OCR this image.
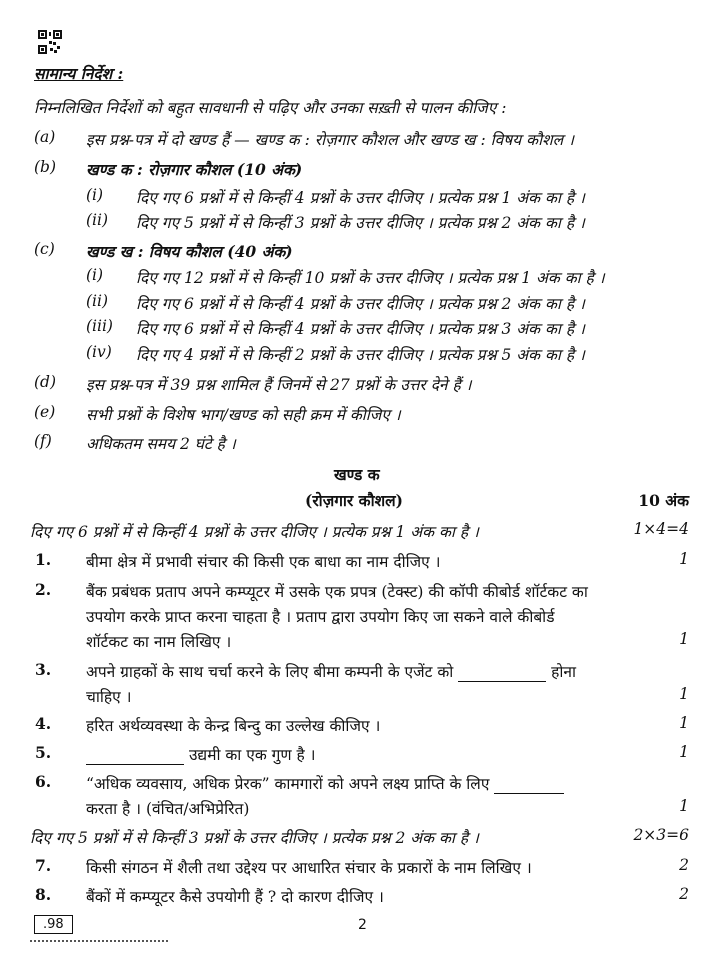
सामान्य निर्देश :
निम्नलिखित निर्देशों को बहुत सावधानी से पढ़िए और उनका सख़्ती से पालन कीजिए :
(a) इस प्रश्न-पत्र में दो खण्ड हैं — खण्ड क : रोज़गार कौशल और खण्ड ख : विषय कौशल ।
(b) खण्ड क : रोज़गार कौशल (10 अंक)
(i) दिए गए 6 प्रश्नों में से किन्हीं 4 प्रश्नों के उत्तर दीजिए । प्रत्येक प्रश्न 1 अंक का है ।
(ii) दिए गए 5 प्रश्नों में से किन्हीं 3 प्रश्नों के उत्तर दीजिए । प्रत्येक प्रश्न 2 अंक का है ।
(c) खण्ड ख : विषय कौशल (40 अंक)
(i) दिए गए 12 प्रश्नों में से किन्हीं 10 प्रश्नों के उत्तर दीजिए । प्रत्येक प्रश्न 1 अंक का है ।
(ii) दिए गए 6 प्रश्नों में से किन्हीं 4 प्रश्नों के उत्तर दीजिए । प्रत्येक प्रश्न 2 अंक का है ।
(iii) दिए गए 6 प्रश्नों में से किन्हीं 4 प्रश्नों के उत्तर दीजिए । प्रत्येक प्रश्न 3 अंक का है ।
(iv) दिए गए 4 प्रश्नों में से किन्हीं 2 प्रश्नों के उत्तर दीजिए । प्रत्येक प्रश्न 5 अंक का है ।
(d) इस प्रश्न-पत्र में 39 प्रश्न शामिल हैं जिनमें से 27 प्रश्नों के उत्तर देने हैं ।
(e) सभी प्रश्नों के विशेष भाग/खण्ड को सही क्रम में कीजिए ।
(f) अधिकतम समय 2 घंटे है ।
खण्ड क
(रोज़गार कौशल)	10 अंक
दिए गए 6 प्रश्नों में से किन्हीं 4 प्रश्नों के उत्तर दीजिए । प्रत्येक प्रश्न 1 अंक का है ।	1×4=4
1. बीमा क्षेत्र में प्रभावी संचार की किसी एक बाधा का नाम दीजिए ।	1
2. बैंक प्रबंधक प्रताप अपने कम्प्यूटर में उसके एक प्रपत्र (टेक्स्ट) की कॉपी कीबोर्ड शॉर्टकट का
उपयोग करके प्राप्त करना चाहता है । प्रताप द्वारा उपयोग किए जा सकने वाले कीबोर्ड
शॉर्टकट का नाम लिखिए ।	1
3. अपने ग्राहकों के साथ चर्चा करने के लिए बीमा कम्पनी के एजेंट को	होना
चाहिए ।	1
4. हरित अर्थव्यवस्था के केन्द्र बिन्दु का उल्लेख कीजिए ।	1
5.	उद्यमी का एक गुण है ।	1
6. “अधिक व्यवसाय, अधिक प्रेरक” कामगारों को अपने लक्ष्य प्राप्ति के लिए
करता है । (वंचित/अभिप्रेरित)	1
दिए गए 5 प्रश्नों में से किन्हीं 3 प्रश्नों के उत्तर दीजिए । प्रत्येक प्रश्न 2 अंक का है ।	2×3=6
7. किसी संगठन में शैली तथा उद्देश्य पर आधारित संचार के प्रकारों के नाम लिखिए ।	2
8. बैंकों में कम्प्यूटर कैसे उपयोगी हैं ? दो कारण दीजिए ।	2
.98	2
